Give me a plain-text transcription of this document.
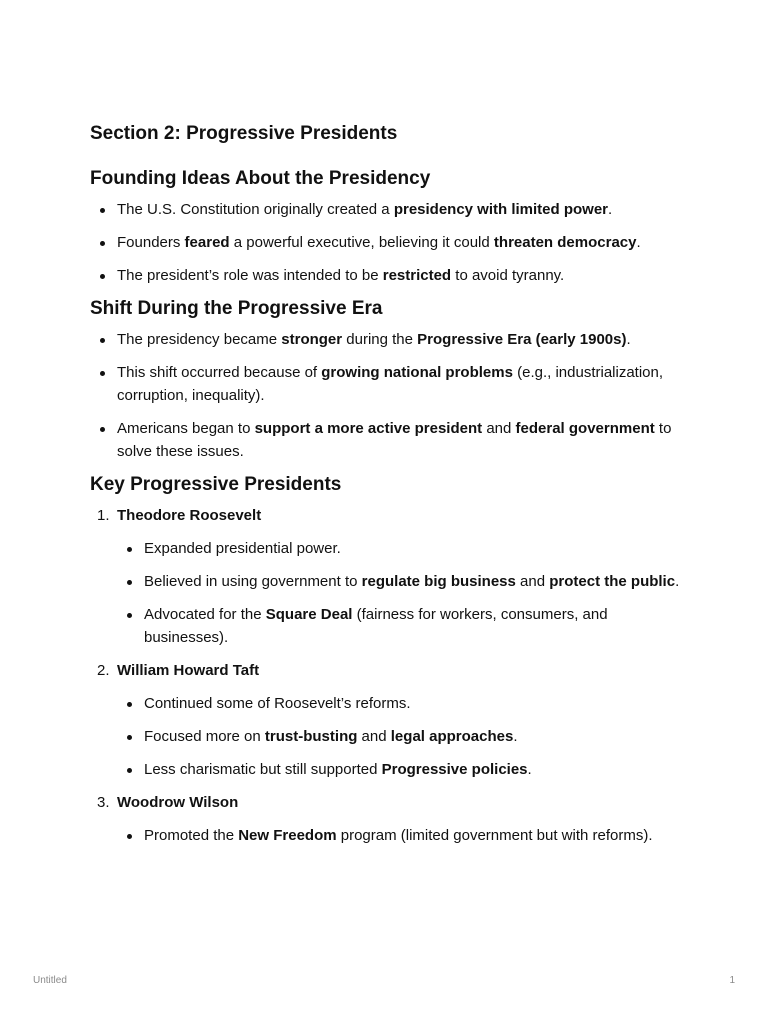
Section 2: Progressive Presidents
Founding Ideas About the Presidency
The U.S. Constitution originally created a presidency with limited power.
Founders feared a powerful executive, believing it could threaten democracy.
The president’s role was intended to be restricted to avoid tyranny.
Shift During the Progressive Era
The presidency became stronger during the Progressive Era (early 1900s).
This shift occurred because of growing national problems (e.g., industrialization, corruption, inequality).
Americans began to support a more active president and federal government to solve these issues.
Key Progressive Presidents
1. Theodore Roosevelt
Expanded presidential power.
Believed in using government to regulate big business and protect the public.
Advocated for the Square Deal (fairness for workers, consumers, and businesses).
2. William Howard Taft
Continued some of Roosevelt’s reforms.
Focused more on trust-busting and legal approaches.
Less charismatic but still supported Progressive policies.
3. Woodrow Wilson
Promoted the New Freedom program (limited government but with reforms).
Untitled	1
